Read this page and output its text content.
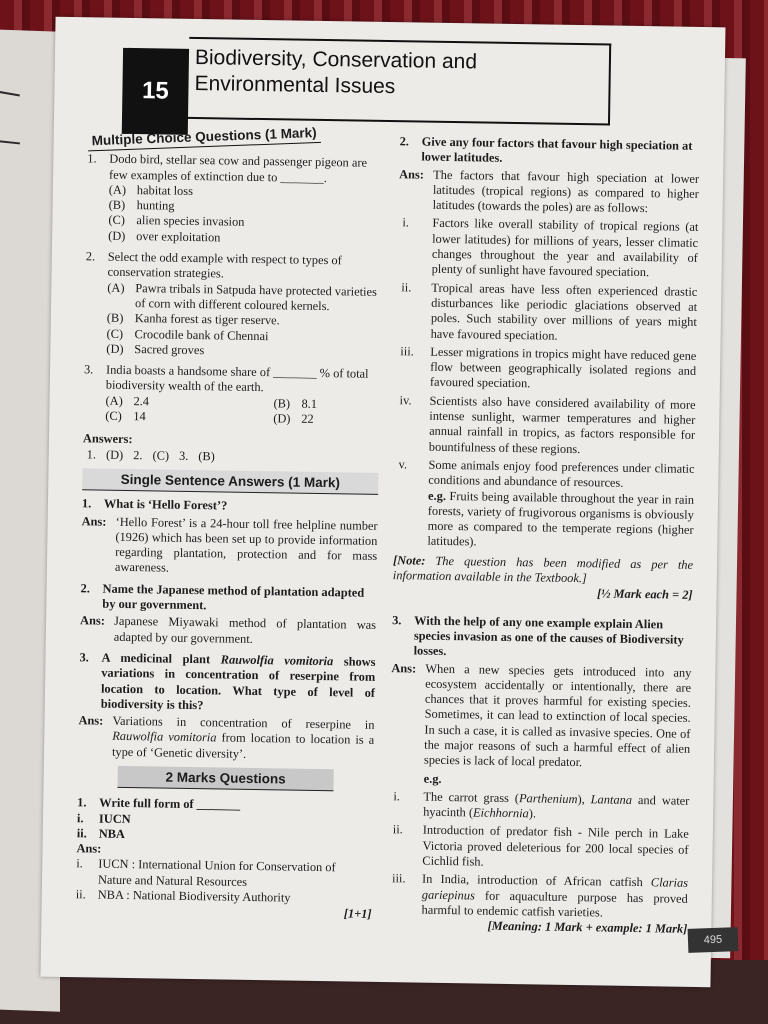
15
Biodiversity, Conservation and
Environmental Issues
Multiple Choice Questions (1 Mark)
1. Dodo bird, stellar sea cow and passenger pigeon are few examples of extinction due to _______.
(A) habitat loss
(B) hunting
(C) alien species invasion
(D) over exploitation
2. Select the odd example with respect to types of conservation strategies.
(A) Pawra tribals in Satpuda have protected varieties of corn with different coloured kernels.
(B) Kanha forest as tiger reserve.
(C) Crocodile bank of Chennai
(D) Sacred groves
3. India boasts a handsome share of _______ % of total biodiversity wealth of the earth.
(A) 2.4	(B) 8.1
(C) 14	(D) 22
Answers:
1. (D) 2. (C) 3. (B)
Single Sentence Answers (1 Mark)
1. What is ‘Hello Forest’?
Ans: ‘Hello Forest’ is a 24-hour toll free helpline number (1926) which has been set up to provide information regarding plantation, protection and for mass awareness.
2. Name the Japanese method of plantation adapted by our government.
Ans: Japanese Miyawaki method of plantation was adapted by our government.
3. A medicinal plant Rauwolfia vomitoria shows variations in concentration of reserpine from location to location. What type of level of biodiversity is this?
Ans: Variations in concentration of reserpine in Rauwolfia vomitoria from location to location is a type of ‘Genetic diversity’.
2 Marks Questions
1. Write full form of _______
i. IUCN
ii. NBA
Ans:
i. IUCN : International Union for Conservation of Nature and Natural Resources
ii. NBA : National Biodiversity Authority
[1+1]
2. Give any four factors that favour high speciation at lower latitudes.
Ans: The factors that favour high speciation at lower latitudes (tropical regions) as compared to higher latitudes (towards the poles) are as follows:
i. Factors like overall stability of tropical regions (at lower latitudes) for millions of years, lesser climatic changes throughout the year and availability of plenty of sunlight have favoured speciation.
ii. Tropical areas have less often experienced drastic disturbances like periodic glaciations observed at poles. Such stability over millions of years might have favoured speciation.
iii. Lesser migrations in tropics might have reduced gene flow between geographically isolated regions and favoured speciation.
iv. Scientists also have considered availability of more intense sunlight, warmer temperatures and higher annual rainfall in tropics, as factors responsible for bountifulness of these regions.
v. Some animals enjoy food preferences under climatic conditions and abundance of resources.
e.g. Fruits being available throughout the year in rain forests, variety of frugivorous organisms is obviously more as compared to the temperate regions (higher latitudes).
[Note: The question has been modified as per the information available in the Textbook.]
[½ Mark each = 2]
3. With the help of any one example explain Alien species invasion as one of the causes of Biodiversity losses.
Ans: When a new species gets introduced into any ecosystem accidentally or intentionally, there are chances that it proves harmful for existing species. Sometimes, it can lead to extinction of local species. In such a case, it is called as invasive species. One of the major reasons of such a harmful effect of alien species is lack of local predator.
e.g.
i. The carrot grass (Parthenium), Lantana and water hyacinth (Eichhornia).
ii. Introduction of predator fish - Nile perch in Lake Victoria proved deleterious for 200 local species of Cichlid fish.
iii. In India, introduction of African catfish Clarias gariepinus for aquaculture purpose has proved harmful to endemic catfish varieties.
[Meaning: 1 Mark + example: 1 Mark]
495
